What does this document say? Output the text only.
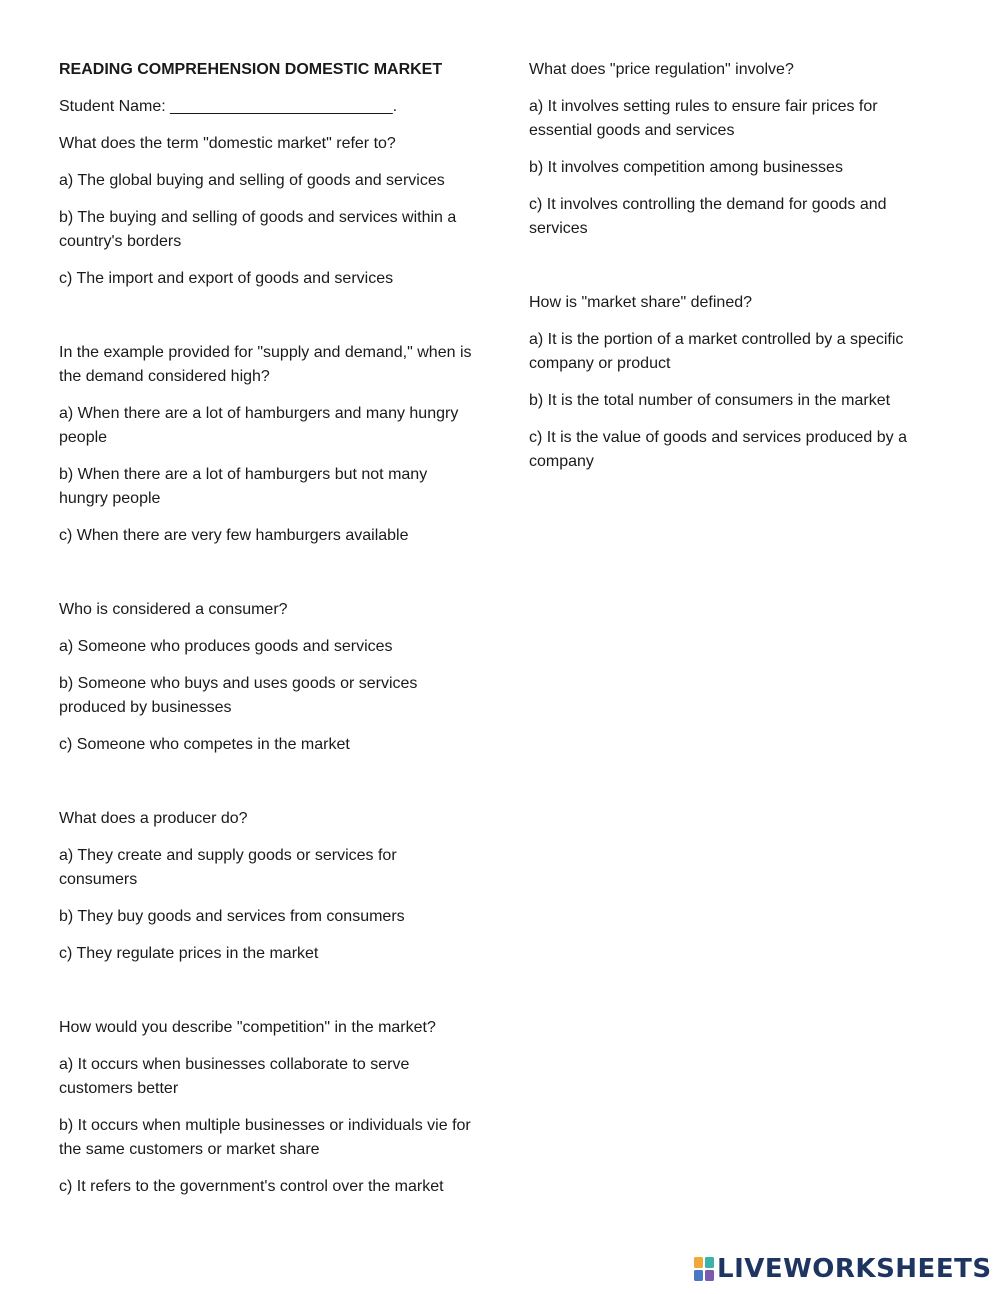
READING COMPREHENSION DOMESTIC MARKET

Student Name: _________________________.

What does the term "domestic market" refer to?

a) The global buying and selling of goods and services

b) The buying and selling of goods and services within a country's borders

c) The import and export of goods and services

In the example provided for "supply and demand," when is the demand considered high?

a) When there are a lot of hamburgers and many hungry people

b) When there are a lot of hamburgers but not many hungry people

c) When there are very few hamburgers available

Who is considered a consumer?

a) Someone who produces goods and services

b) Someone who buys and uses goods or services produced by businesses

c) Someone who competes in the market

What does a producer do?

a) They create and supply goods or services for consumers

b) They buy goods and services from consumers

c) They regulate prices in the market

How would you describe "competition" in the market?

a) It occurs when businesses collaborate to serve customers better

b) It occurs when multiple businesses or individuals vie for the same customers or market share

c) It refers to the government's control over the market

What does "price regulation" involve?

a) It involves setting rules to ensure fair prices for essential goods and services

b) It involves competition among businesses

c) It involves controlling the demand for goods and services

How is "market share" defined?

a) It is the portion of a market controlled by a specific company or product

b) It is the total number of consumers in the market

c) It is the value of goods and services produced by a company

LIVEWORKSHEETS
